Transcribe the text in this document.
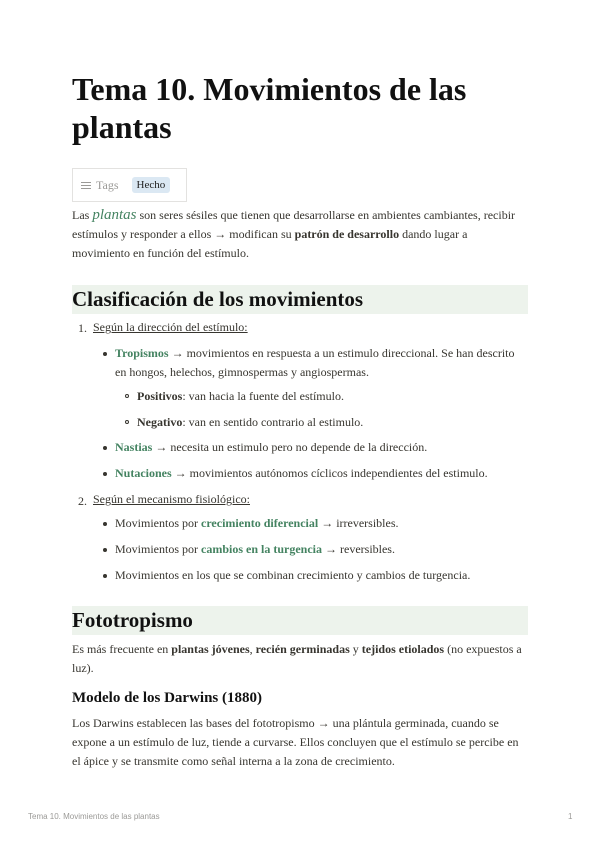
Tema 10. Movimientos de las plantas
Tags	Hecho

Las plantas son seres sésiles que tienen que desarrollarse en ambientes cambiantes, recibir estímulos y responder a ellos → modifican su patrón de desarrollo dando lugar a movimiento en función del estímulo.

Clasificación de los movimientos
1. Según la dirección del estímulo:
Tropismos → movimientos en respuesta a un estimulo direccional. Se han descrito en hongos, helechos, gimnospermas y angiospermas.
Positivos: van hacia la fuente del estímulo.
Negativo: van en sentido contrario al estimulo.
Nastias → necesita un estimulo pero no depende de la dirección.
Nutaciones → movimientos autónomos cíclicos independientes del estimulo.
2. Según el mecanismo fisiológico:
Movimientos por crecimiento diferencial → irreversibles.
Movimientos por cambios en la turgencia → reversibles.
Movimientos en los que se combinan crecimiento y cambios de turgencia.
Fototropismo

Es más frecuente en plantas jóvenes, recién germinadas y tejidos etiolados (no expuestos a luz).

Modelo de los Darwins (1880)

Los Darwins establecen las bases del fototropismo → una plántula germinada, cuando se expone a un estímulo de luz, tiende a curvarse. Ellos concluyen que el estímulo se percibe en el ápice y se transmite como señal interna a la zona de crecimiento.

Tema 10. Movimientos de las plantas	1
